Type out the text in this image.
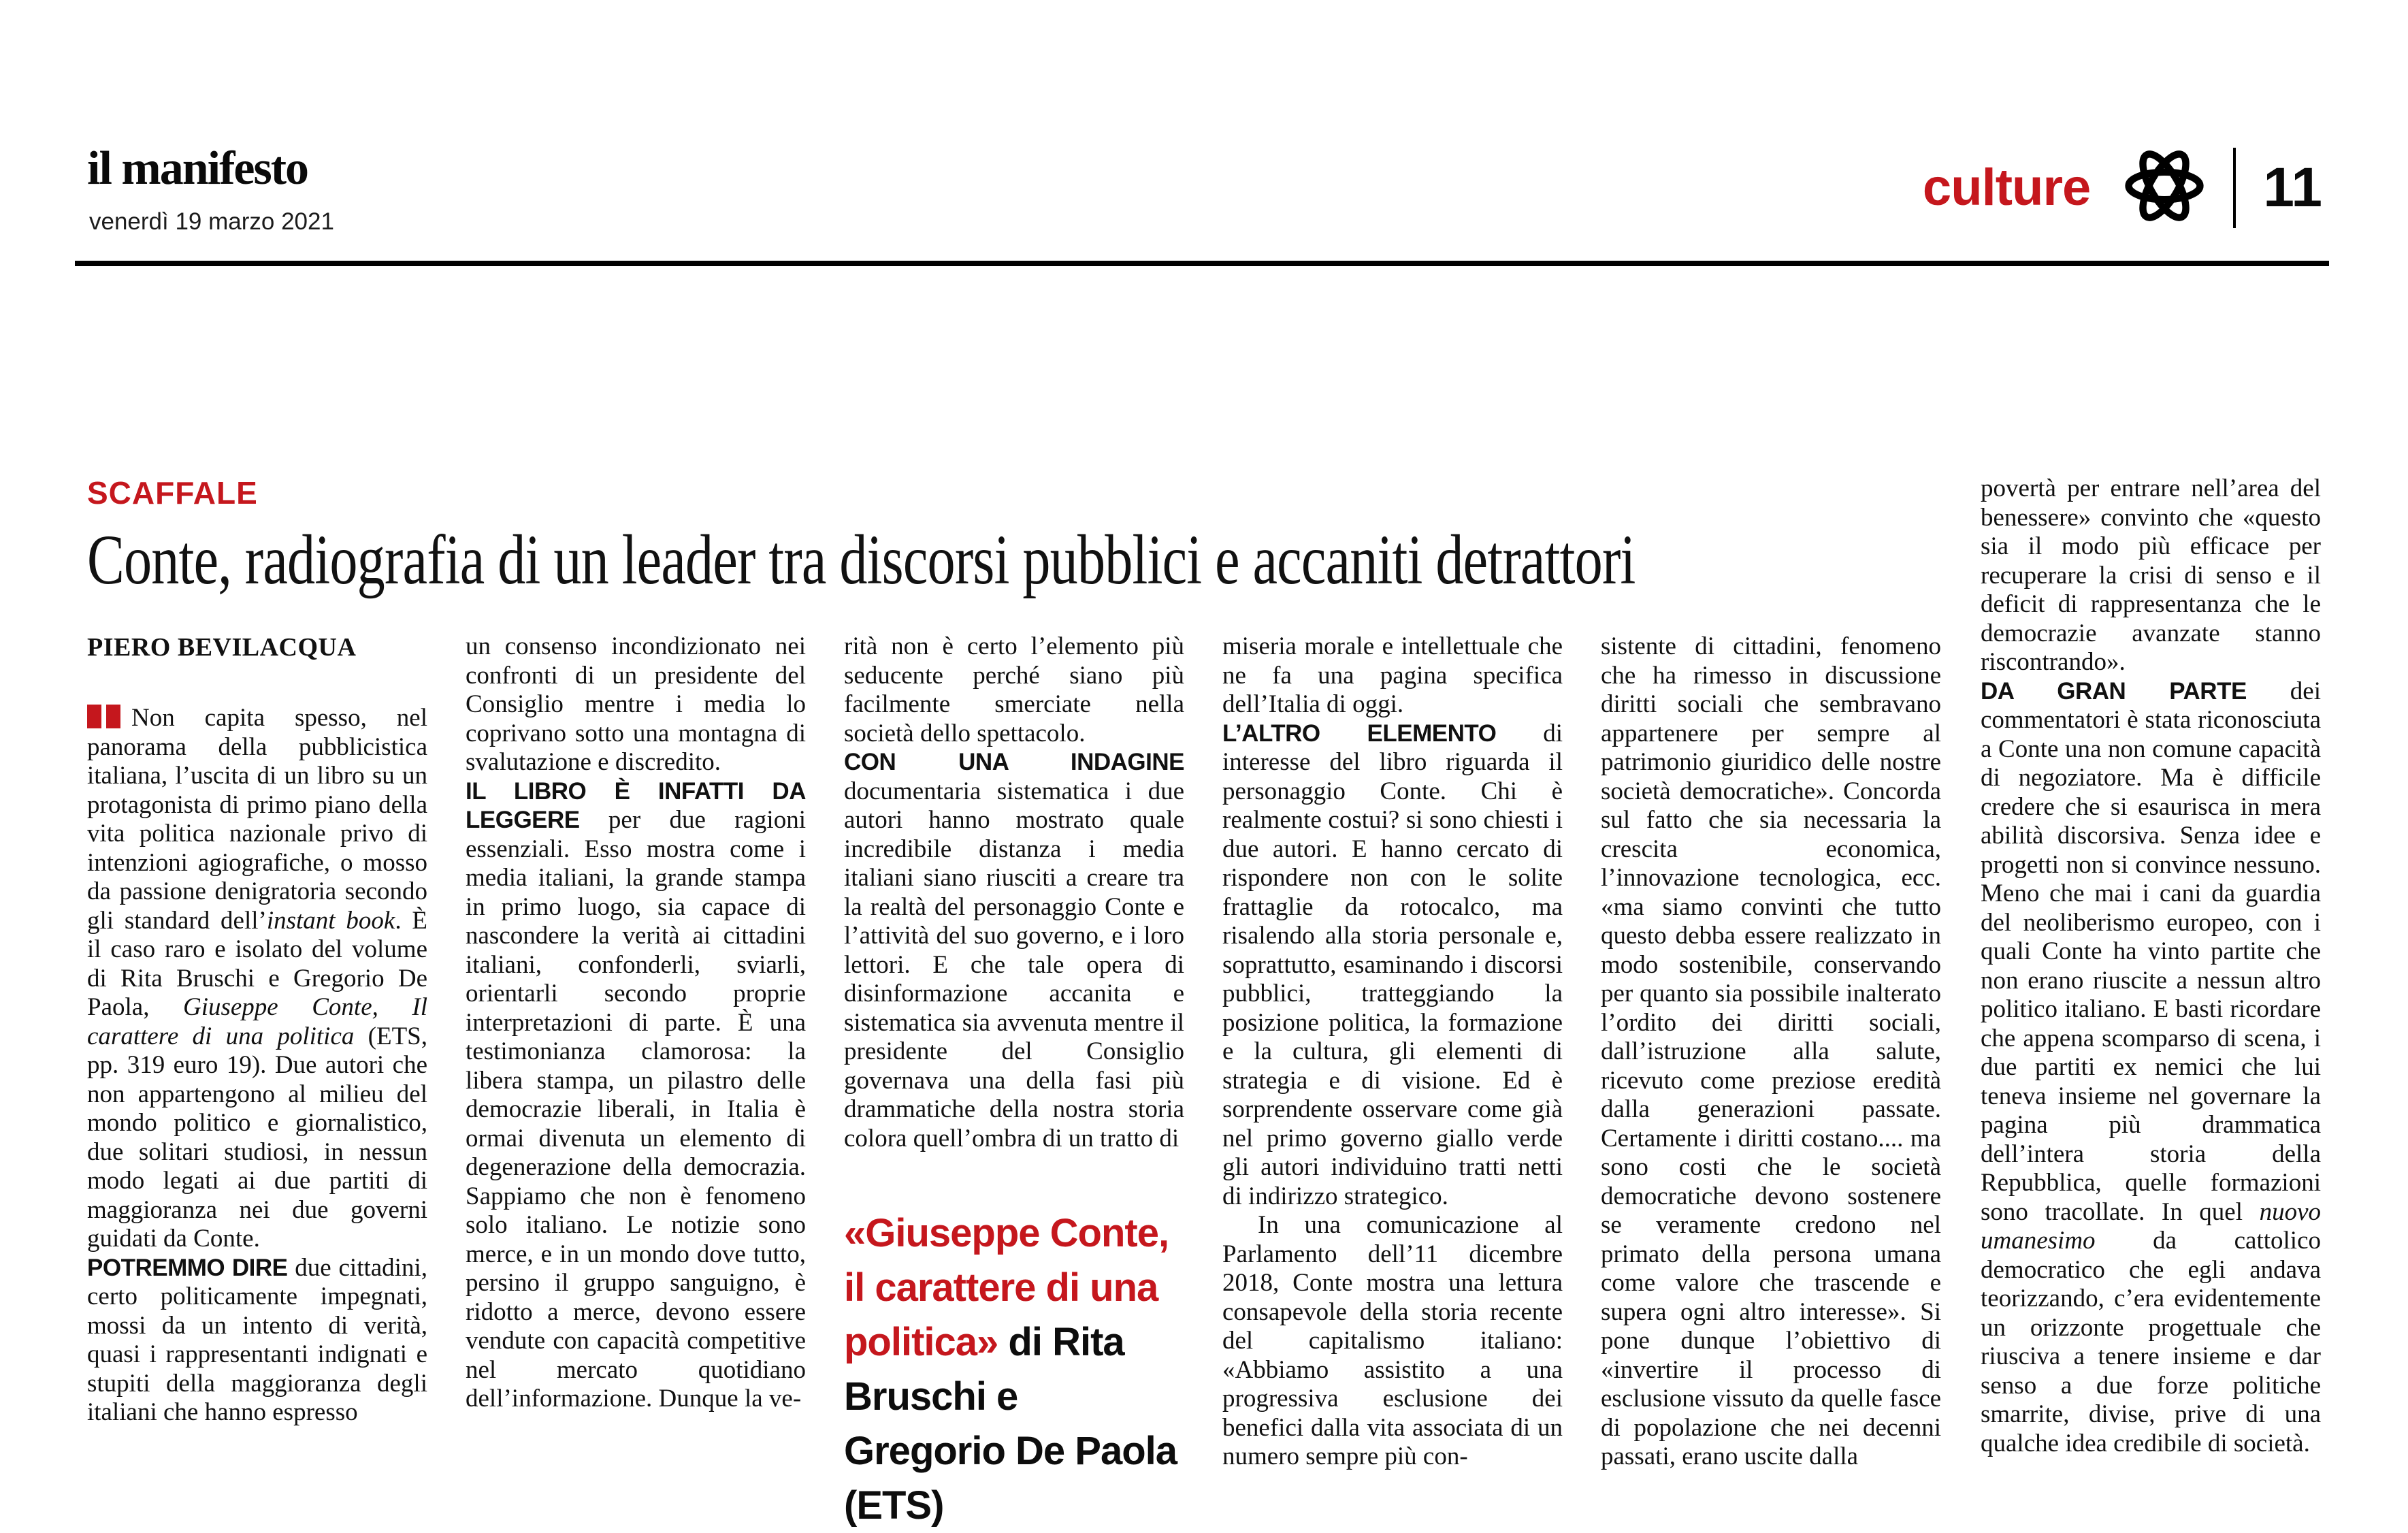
il manifesto
venerdì 19 marzo 2021
culture	11
SCAFFALE
Conte, radiografia di un leader tra discorsi pubblici e accaniti detrattori
PIERO BEVILACQUA

Non capita spesso, nel panorama della pubblicistica italiana, l’uscita di un libro su un protagonista di primo piano della vita politica nazionale privo di intenzioni agiografiche, o mosso da passione denigratoria secondo gli standard dell’instant book. È il caso raro e isolato del volume di Rita Bruschi e Gregorio De Paola, Giuseppe Conte, Il carattere di una politica (ETS, pp. 319 euro 19). Due autori che non appartengono al milieu del mondo politico e giornalistico, due solitari studiosi, in nessun modo legati ai due partiti di maggioranza nei due governi guidati da Conte.

POTREMMO DIRE due cittadini, certo politicamente impegnati, mossi da un intento di verità, quasi i rappresentanti indignati e stupiti della maggioranza degli italiani che hanno espresso

un consenso incondizionato nei confronti di un presidente del Consiglio mentre i media lo coprivano sotto una montagna di svalutazione e discredito.

IL LIBRO È INFATTI DA LEGGERE per due ragioni essenziali. Esso mostra come i media italiani, la grande stampa in primo luogo, sia capace di nascondere la verità ai cittadini italiani, confonderli, sviarli, orientarli secondo proprie interpretazioni di parte. È una testimonianza clamorosa: la libera stampa, un pilastro delle democrazie liberali, in Italia è ormai divenuta un elemento di degenerazione della democrazia. Sappiamo che non è fenomeno solo italiano. Le notizie sono merce, e in un mondo dove tutto, persino il gruppo sanguigno, è ridotto a merce, devono essere vendute con capacità competitive nel mercato quotidiano dell’informazione. Dunque la ve-

rità non è certo l’elemento più seducente perché siano più facilmente smerciate nella società dello spettacolo.

CON UNA INDAGINE documentaria sistematica i due autori hanno mostrato quale incredibile distanza i media italiani siano riusciti a creare tra la realtà del personaggio Conte e l’attività del suo governo, e i loro lettori. E che tale opera di disinformazione accanita e sistematica sia avvenuta mentre il presidente del Consiglio governava una della fasi più drammatiche della nostra storia colora quell’ombra di un tratto di

«Giuseppe Conte, il carattere di una politica» di Rita Bruschi e Gregorio De Paola (ETS)

miseria morale e intellettuale che ne fa una pagina specifica dell’Italia di oggi.

L’ALTRO ELEMENTO di interesse del libro riguarda il personaggio Conte. Chi è realmente costui? si sono chiesti i due autori. E hanno cercato di rispondere non con le solite frattaglie da rotocalco, ma risalendo alla storia personale e, soprattutto, esaminando i discorsi pubblici, tratteggiando la posizione politica, la formazione e la cultura, gli elementi di strategia e di visione. Ed è sorprendente osservare come già nel primo governo giallo verde gli autori individuino tratti netti di indirizzo strategico.

In una comunicazione al Parlamento dell’11 dicembre 2018, Conte mostra una lettura consapevole della storia recente del capitalismo italiano: «Abbiamo assistito a una progressiva esclusione dei benefici dalla vita associata di un numero sempre più con-

sistente di cittadini, fenomeno che ha rimesso in discussione diritti sociali che sembravano appartenere per sempre al patrimonio giuridico delle nostre società democratiche». Concorda sul fatto che sia necessaria la crescita economica, l’innovazione tecnologica, ecc. «ma siamo convinti che tutto questo debba essere realizzato in modo sostenibile, conservando per quanto sia possibile inalterato l’ordito dei diritti sociali, dall’istruzione alla salute, ricevuto come preziose eredità dalla generazioni passate. Certamente i diritti costano.... ma sono costi che le società democratiche devono sostenere se veramente credono nel primato della persona umana come valore che trascende e supera ogni altro interesse». Si pone dunque l’obiettivo di «invertire il processo di esclusione vissuto da quelle fasce di popolazione che nei decenni passati, erano uscite dalla

povertà per entrare nell’area del benessere» convinto che «questo sia il modo più efficace per recuperare la crisi di senso e il deficit di rappresentanza che le democrazie avanzate stanno riscontrando».

DA GRAN PARTE dei commentatori è stata riconosciuta a Conte una non comune capacità di negoziatore. Ma è difficile credere che si esaurisca in mera abilità discorsiva. Senza idee e progetti non si convince nessuno. Meno che mai i cani da guardia del neoliberismo europeo, con i quali Conte ha vinto partite che non erano riuscite a nessun altro politico italiano. E basti ricordare che appena scomparso di scena, i due partiti ex nemici che lui teneva insieme nel governare la pagina più drammatica dell’intera storia della Repubblica, quelle formazioni sono tracollate. In quel nuovo umanesimo da cattolico democratico che egli andava teorizzando, c’era evidentemente un orizzonte progettuale che riusciva a tenere insieme e dar senso a due forze politiche smarrite, divise, prive di una qualche idea credibile di società.
